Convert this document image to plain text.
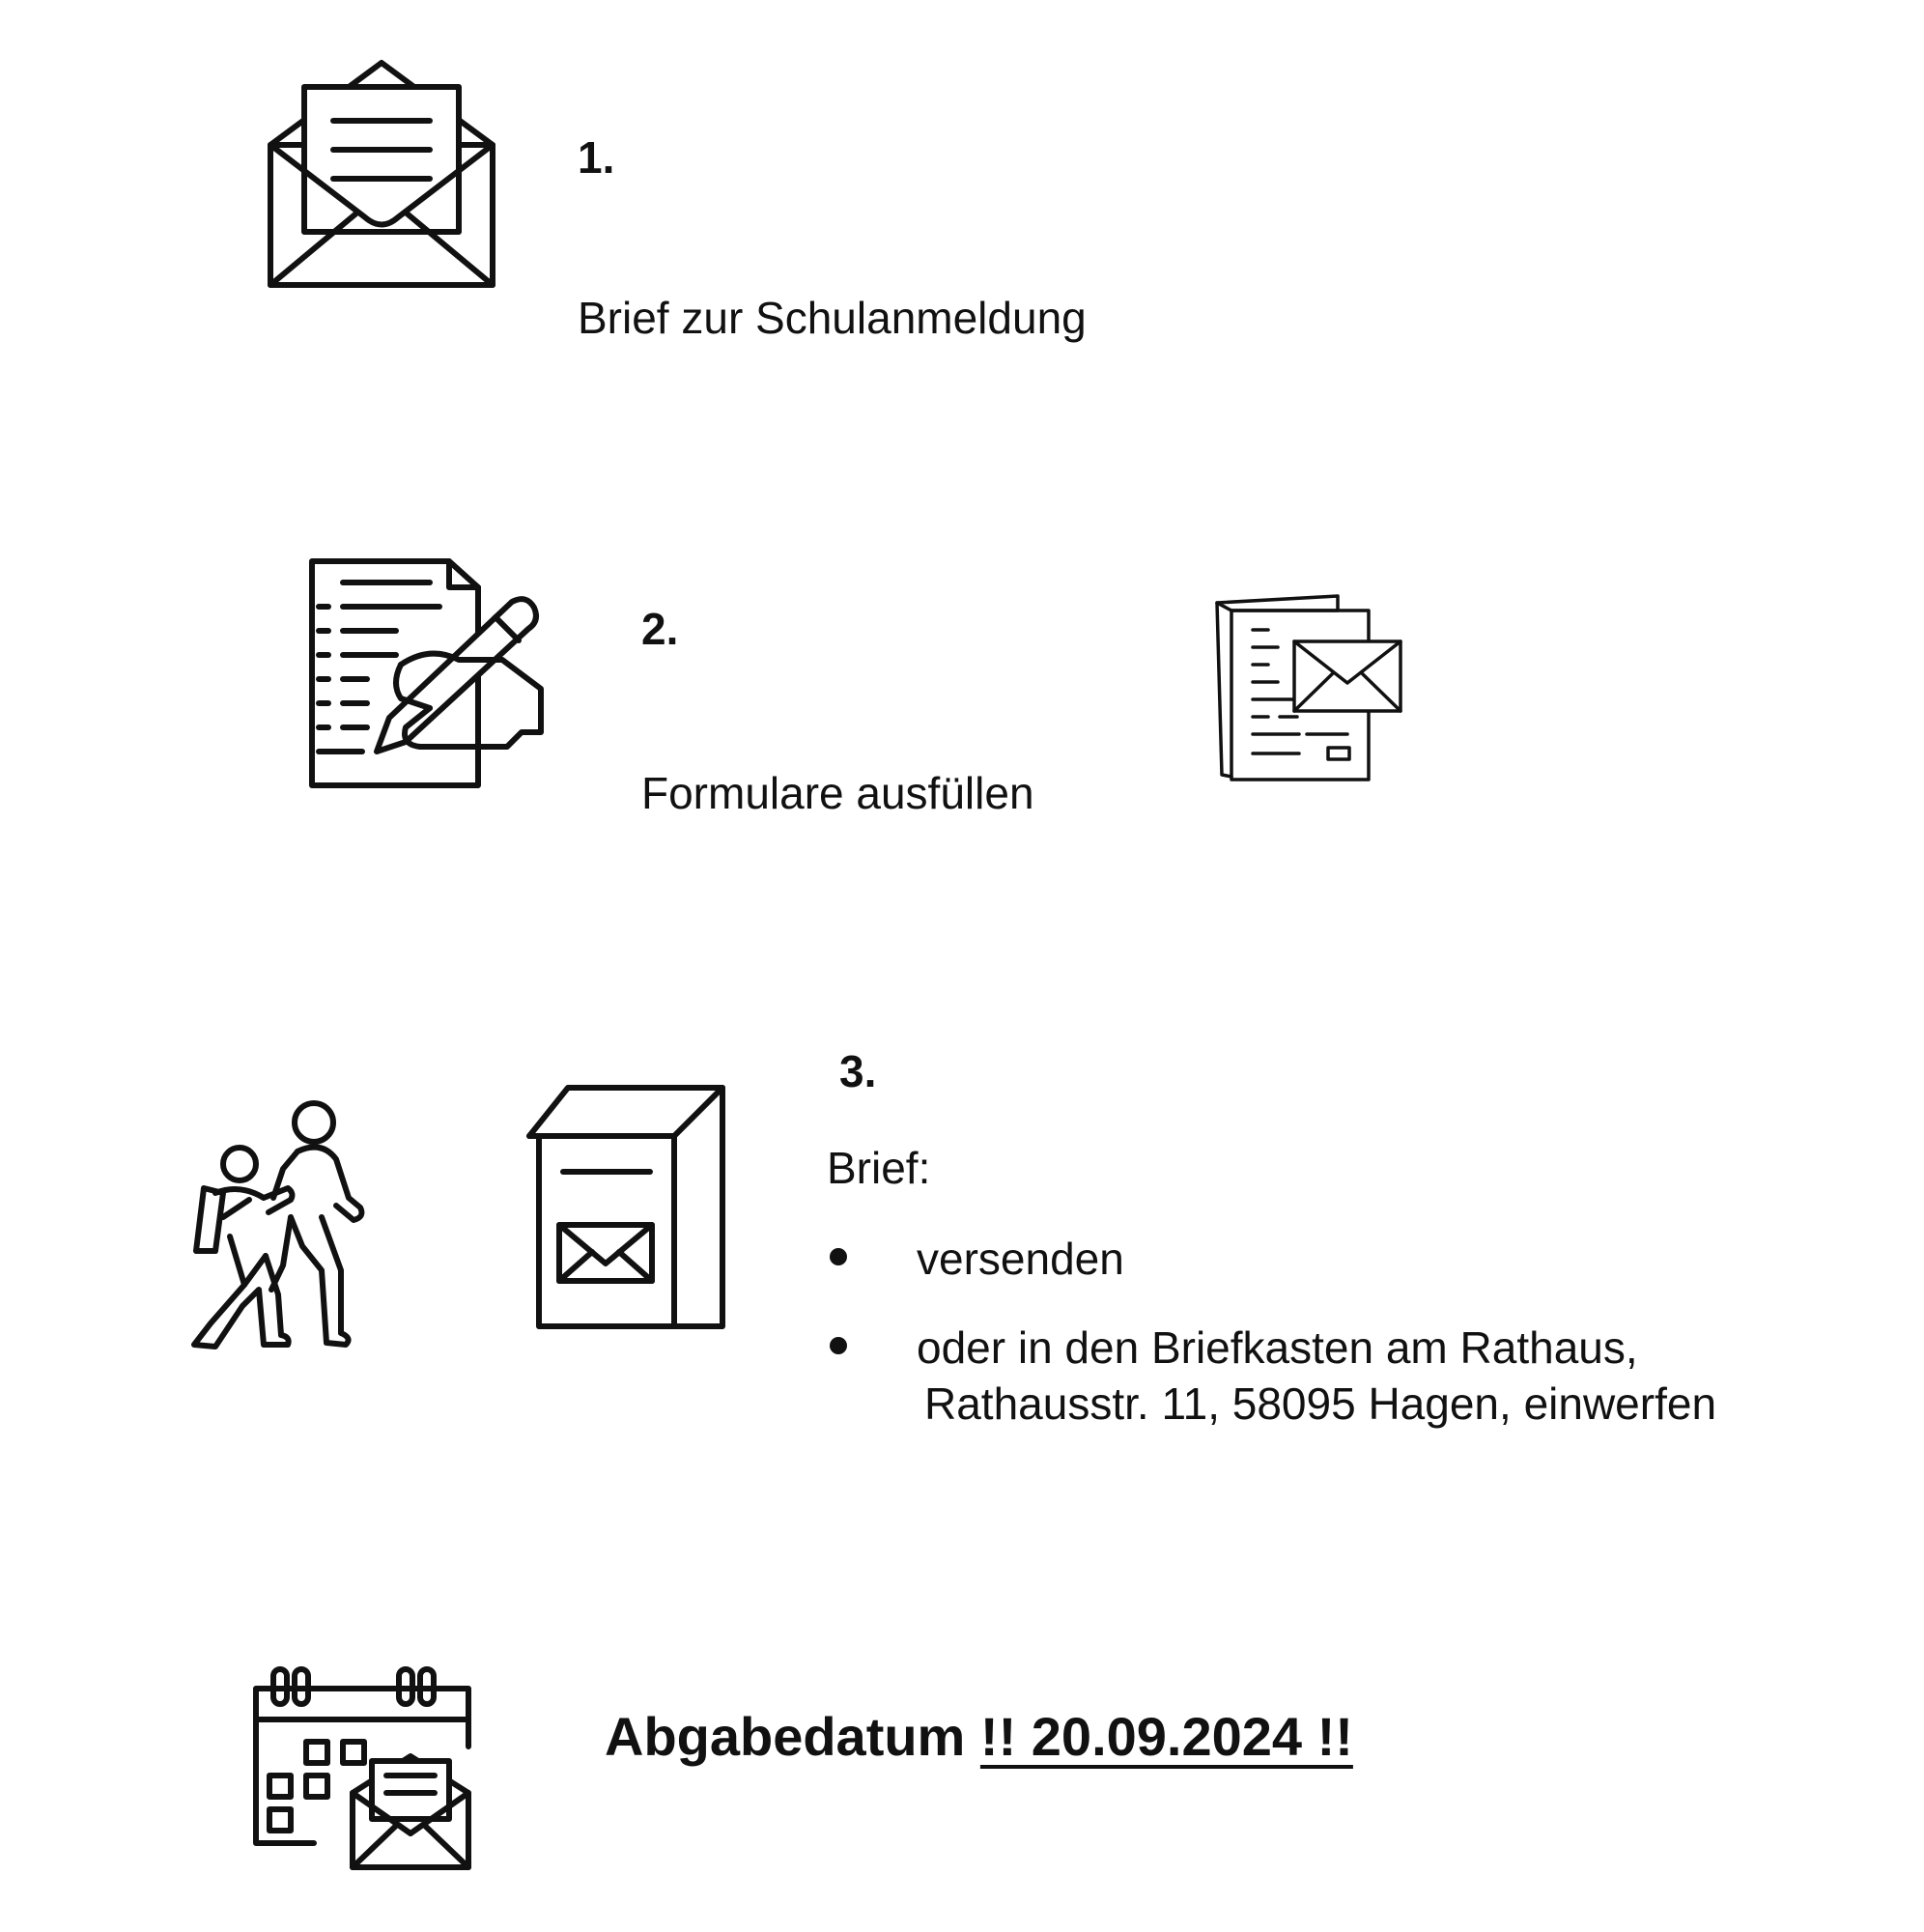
1.
Brief zur Schulanmeldung
2.
Formulare ausfüllen
3.
Brief:
versenden
oder in den Briefkasten am Rathaus,
Rathausstr. 11, 58095 Hagen, einwerfen
Abgabedatum !! 20.09.2024 !!
